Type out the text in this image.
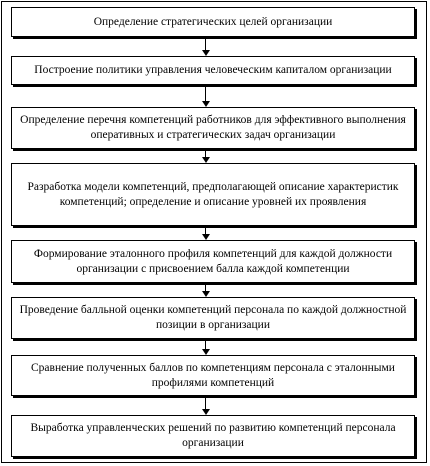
Определение стратегических целей организации
Построение политики управления человеческим капиталом организации
Определение перечня компетенций работников для эффективного выполнения оперативных и стратегических задач организации
Разработка модели компетенций, предполагающей описание характеристик компетенций; определение и описание уровней их проявления
Формирование эталонного профиля компетенций для каждой должности организации с присвоением балла каждой компетенции
Проведение балльной оценки компетенций персонала по каждой должностной позиции в организации
Сравнение полученных баллов по компетенциям персонала с эталонными профилями компетенций
Выработка управленческих решений по развитию компетенций персонала организации
